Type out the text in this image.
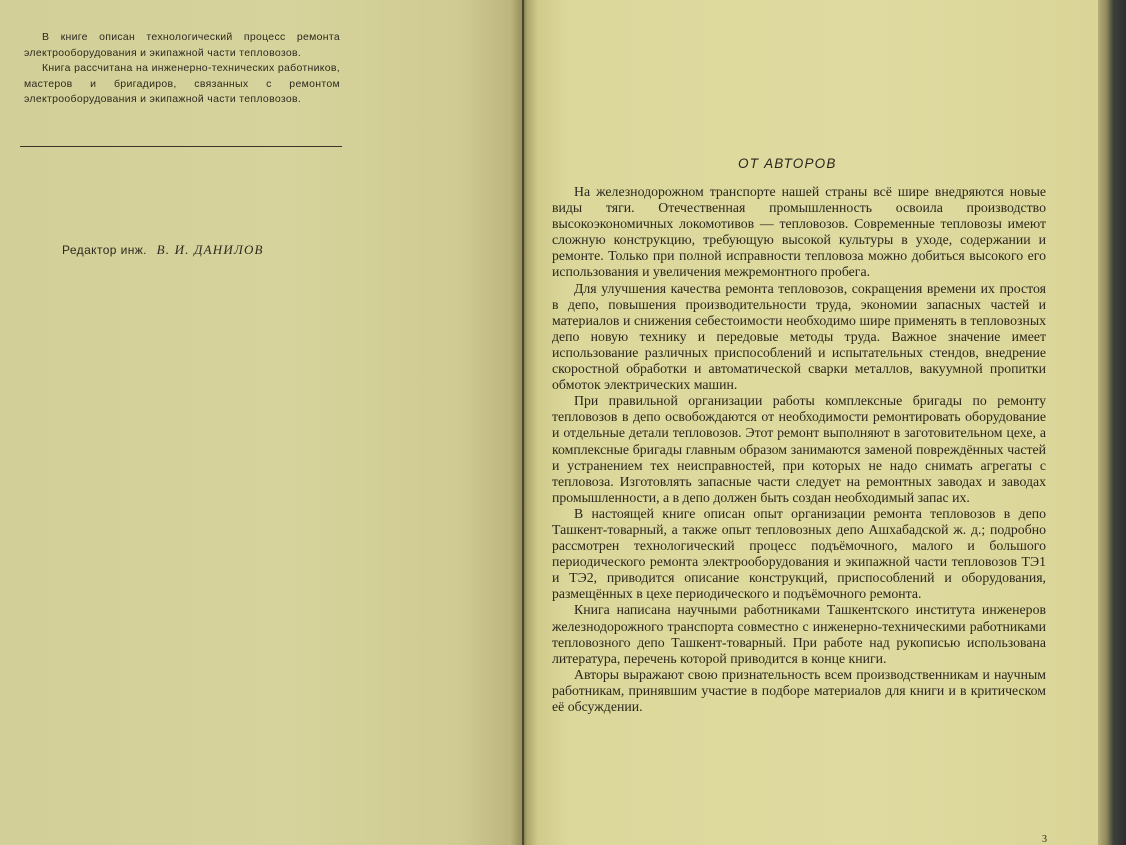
В книге описан технологический процесс ремонта электрооборудования и экипажной части тепловозов.

Книга рассчитана на инженерно-технических работников, мастеров и бригадиров, связанных с ремонтом электрооборудования и экипажной части тепловозов.

Редактор инж. В. И. ДАНИЛОВ
ОТ АВТОРОВ

На железнодорожном транспорте нашей страны всё шире внедряются новые виды тяги. Отечественная промышленность освоила производство высокоэкономичных локомотивов — тепловозов. Современные тепловозы имеют сложную конструкцию, требующую высокой культуры в уходе, содержании и ремонте. Только при полной исправности тепловоза можно добиться высокого его использования и увеличения межремонтного пробега.

Для улучшения качества ремонта тепловозов, сокращения времени их простоя в депо, повышения производительности труда, экономии запасных частей и материалов и снижения себестоимости необходимо шире применять в тепловозных депо новую технику и передовые методы труда. Важное значение имеет использование различных приспособлений и испытательных стендов, внедрение скоростной обработки и автоматической сварки металлов, вакуумной пропитки обмоток электрических машин.

При правильной организации работы комплексные бригады по ремонту тепловозов в депо освобождаются от необходимости ремонтировать оборудование и отдельные детали тепловозов. Этот ремонт выполняют в заготовительном цехе, а комплексные бригады главным образом занимаются заменой повреждённых частей и устранением тех неисправностей, при которых не надо снимать агрегаты с тепловоза. Изготовлять запасные части следует на ремонтных заводах и заводах промышленности, а в депо должен быть создан необходимый запас их.

В настоящей книге описан опыт организации ремонта тепловозов в депо Ташкент-товарный, а также опыт тепловозных депо Ашхабадской ж. д.; подробно рассмотрен технологический процесс подъёмочного, малого и большого периодического ремонта электрооборудования и экипажной части тепловозов ТЭ1 и ТЭ2, приводится описание конструкций, приспособлений и оборудования, размещённых в цехе периодического и подъёмочного ремонта.

Книга написана научными работниками Ташкентского института инженеров железнодорожного транспорта совместно с инженерно-техническими работниками тепловозного депо Ташкент-товарный. При работе над рукописью использована литература, перечень которой приводится в конце книги.

Авторы выражают свою признательность всем производственникам и научным работникам, принявшим участие в подборе материалов для книги и в критическом её обсуждении.

3
